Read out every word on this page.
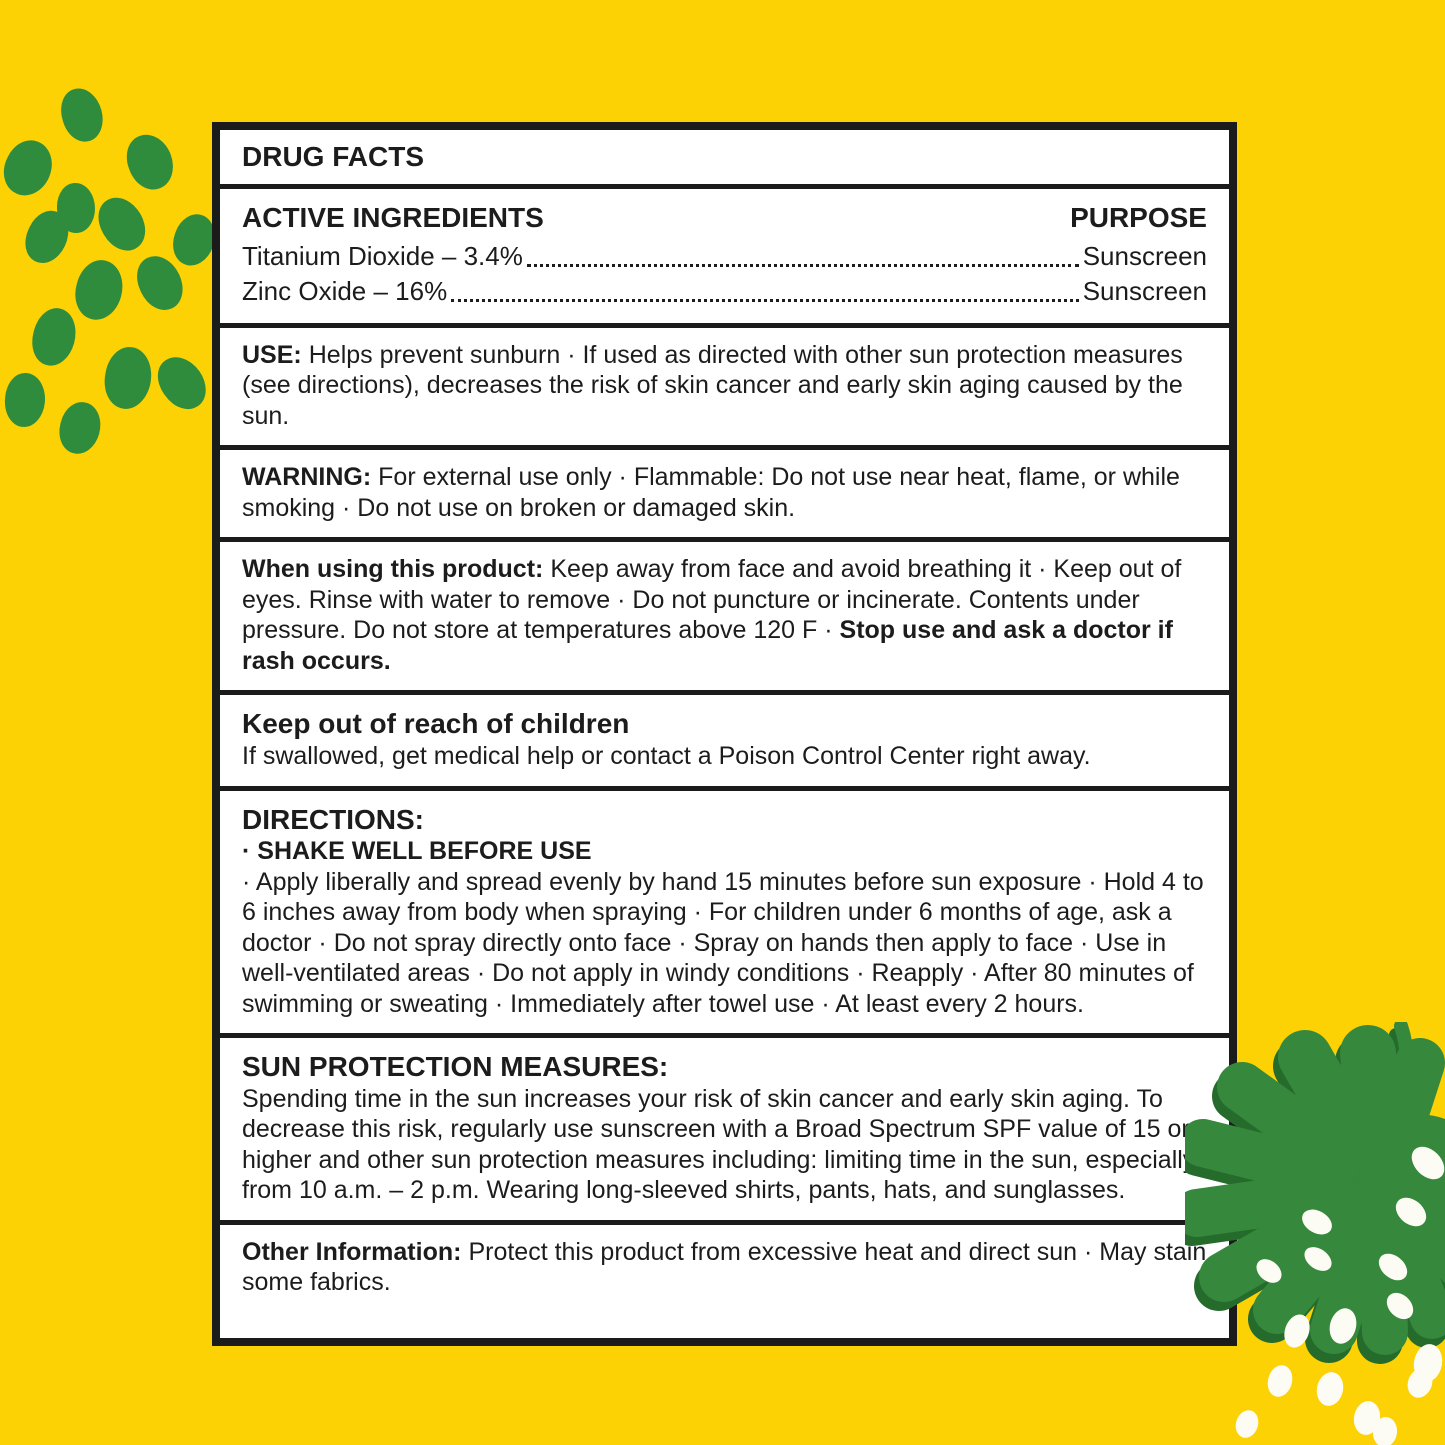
DRUG FACTS
ACTIVE INGREDIENTS	PURPOSE
Titanium Dioxide – 3.4%	Sunscreen
Zinc Oxide – 16%	Sunscreen

USE: Helps prevent sunburn · If used as directed with other sun protection measures (see directions), decreases the risk of skin cancer and early skin aging caused by the sun.

WARNING: For external use only · Flammable: Do not use near heat, flame, or while smoking · Do not use on broken or damaged skin.

When using this product: Keep away from face and avoid breathing it · Keep out of eyes. Rinse with water to remove · Do not puncture or incinerate. Contents under pressure. Do not store at temperatures above 120 F · Stop use and ask a doctor if rash occurs.

Keep out of reach of children

If swallowed, get medical help or contact a Poison Control Center right away.

DIRECTIONS:

· SHAKE WELL BEFORE USE

· Apply liberally and spread evenly by hand 15 minutes before sun exposure · Hold 4 to 6 inches away from body when spraying · For children under 6 months of age, ask a doctor · Do not spray directly onto face · Spray on hands then apply to face · Use in well-ventilated areas · Do not apply in windy conditions · Reapply · After 80 minutes of swimming or sweating · Immediately after towel use · At least every 2 hours.

SUN PROTECTION MEASURES:

Spending time in the sun increases your risk of skin cancer and early skin aging. To decrease this risk, regularly use sunscreen with a Broad Spectrum SPF value of 15 or higher and other sun protection measures including: limiting time in the sun, especially from 10 a.m. – 2 p.m. Wearing long-sleeved shirts, pants, hats, and sunglasses.

Other Information: Protect this product from excessive heat and direct sun · May stain some fabrics.
